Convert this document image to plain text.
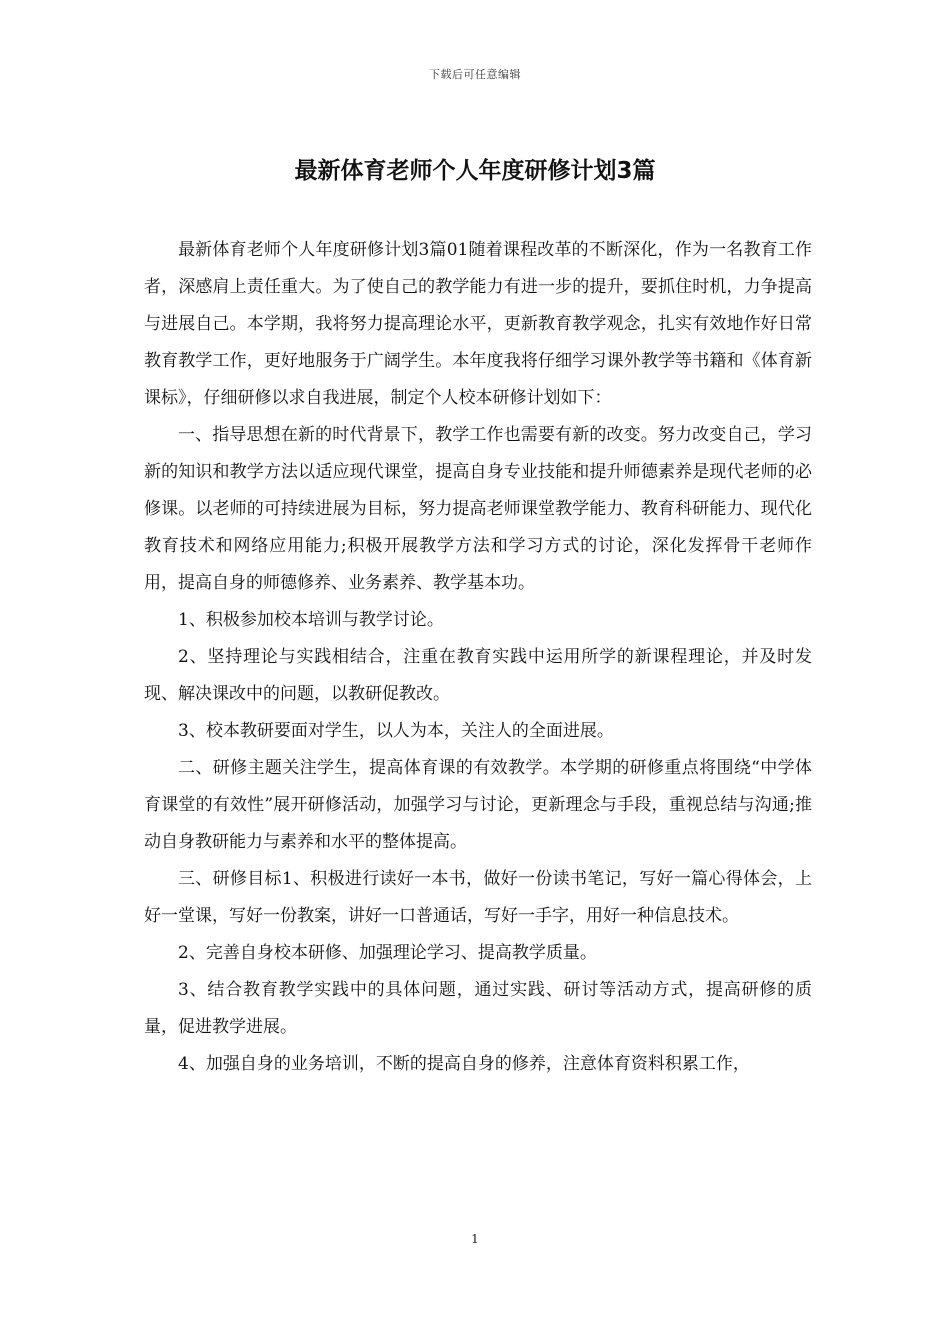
下载后可任意编辑
最新体育老师个人年度研修计划3篇

最新体育老师个人年度研修计划3篇01随着课程改革的不断深化，作为一名教育工作者，深感肩上责任重大。为了使自己的教学能力有进一步的提升，要抓住时机，力争提高与进展自己。本学期，我将努力提高理论水平，更新教育教学观念，扎实有效地作好日常教育教学工作，更好地服务于广阔学生。本年度我将仔细学习课外教学等书籍和《体育新课标》，仔细研修以求自我进展，制定个人校本研修计划如下：

一、指导思想在新的时代背景下，教学工作也需要有新的改变。努力改变自己，学习新的知识和教学方法以适应现代课堂，提高自身专业技能和提升师德素养是现代老师的必修课。以老师的可持续进展为目标，努力提高老师课堂教学能力、教育科研能力、现代化教育技术和网络应用能力;积极开展教学方法和学习方式的讨论，深化发挥骨干老师作用，提高自身的师德修养、业务素养、教学基本功。

1、积极参加校本培训与教学讨论。

2、坚持理论与实践相结合，注重在教育实践中运用所学的新课程理论，并及时发现、解决课改中的问题，以教研促教改。

3、校本教研要面对学生，以人为本，关注人的全面进展。

二、研修主题关注学生，提高体育课的有效教学。本学期的研修重点将围绕“中学体育课堂的有效性”展开研修活动，加强学习与讨论，更新理念与手段，重视总结与沟通;推动自身教研能力与素养和水平的整体提高。

三、研修目标1、积极进行读好一本书，做好一份读书笔记，写好一篇心得体会，上好一堂课，写好一份教案，讲好一口普通话，写好一手字，用好一种信息技术。

2、完善自身校本研修、加强理论学习、提高教学质量。

3、结合教育教学实践中的具体问题，通过实践、研讨等活动方式，提高研修的质量，促进教学进展。

4、加强自身的业务培训，不断的提高自身的修养，注意体育资料积累工作，

1
